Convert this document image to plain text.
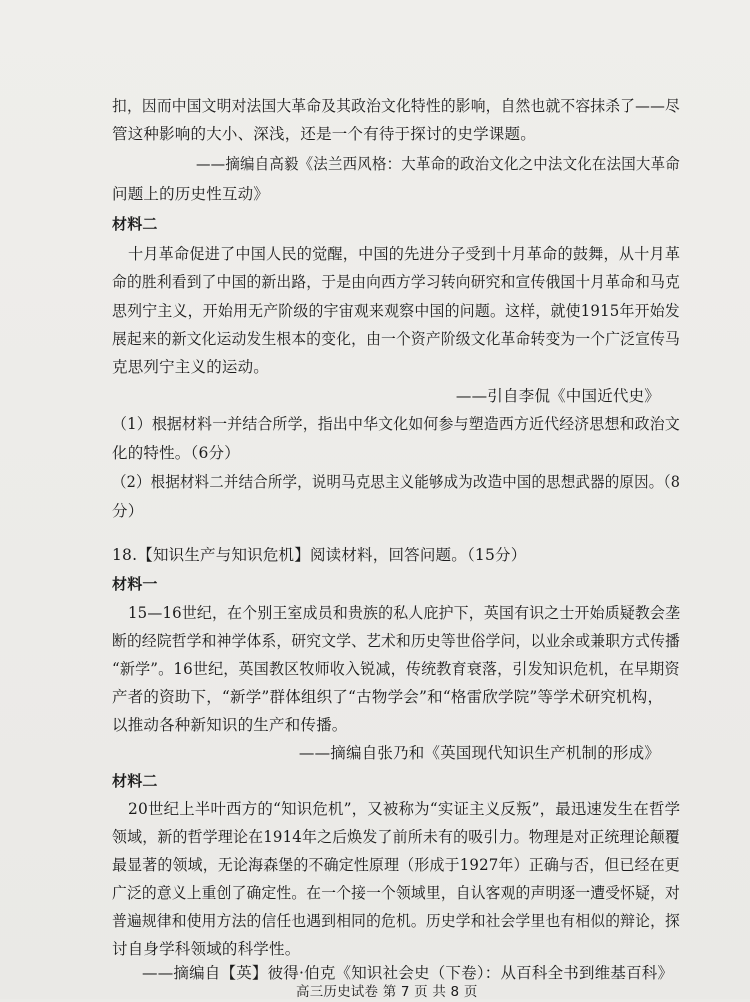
扣，因而中国文明对法国大革命及其政治文化特性的影响，自然也就不容抹杀了——尽
管这种影响的大小、深浅，还是一个有待于探讨的史学课题。
——摘编自高毅《法兰西风格：大革命的政治文化之中法文化在法国大革命
问题上的历史性互动》
材料二
十月革命促进了中国人民的觉醒，中国的先进分子受到十月革命的鼓舞，从十月革
命的胜利看到了中国的新出路，于是由向西方学习转向研究和宣传俄国十月革命和马克
思列宁主义，开始用无产阶级的宇宙观来观察中国的问题。这样，就使1915年开始发
展起来的新文化运动发生根本的变化，由一个资产阶级文化革命转变为一个广泛宣传马
克思列宁主义的运动。
——引自李侃《中国近代史》
（1）根据材料一并结合所学，指出中华文化如何参与塑造西方近代经济思想和政治文
化的特性。（6分）
（2）根据材料二并结合所学，说明马克思主义能够成为改造中国的思想武器的原因。（8
分）
18.【知识生产与知识危机】阅读材料，回答问题。（15分）
材料一
15—16世纪，在个别王室成员和贵族的私人庇护下，英国有识之士开始质疑教会垄
断的经院哲学和神学体系，研究文学、艺术和历史等世俗学问，以业余或兼职方式传播
“新学”。16世纪，英国教区牧师收入锐减，传统教育衰落，引发知识危机，在早期资
产者的资助下，“新学”群体组织了“古物学会”和“格雷欣学院”等学术研究机构，
以推动各种新知识的生产和传播。
——摘编自张乃和《英国现代知识生产机制的形成》
材料二
20世纪上半叶西方的“知识危机”，又被称为“实证主义反叛”，最迅速发生在哲学
领域，新的哲学理论在1914年之后焕发了前所未有的吸引力。物理是对正统理论颠覆
最显著的领域，无论海森堡的不确定性原理（形成于1927年）正确与否，但已经在更
广泛的意义上重创了确定性。在一个接一个领域里，自认客观的声明逐一遭受怀疑，对
普遍规律和使用方法的信任也遇到相同的危机。历史学和社会学里也有相似的辩论，探
讨自身学科领域的科学性。
——摘编自【英】彼得·伯克《知识社会史（下卷）：从百科全书到维基百科》
高三历史试卷 第 7 页 共 8 页
